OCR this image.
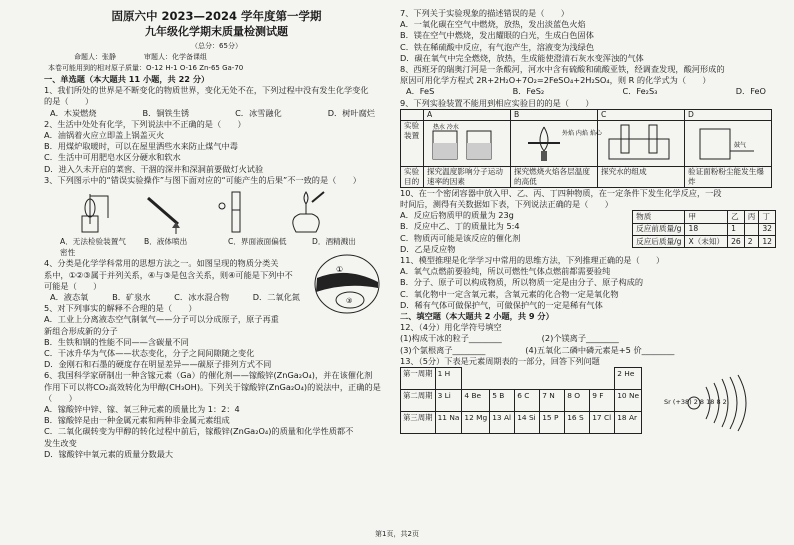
固原六中 2023—2024 学年度第一学期
九年级化学期末质量检测试题
（总分：65分）
命题人：张静　　　　审题人：化学备课组
本卷可能用到的相对原子质量：O-12 H-1 O-16 Zn-65 Ga-70
一、单选题（本大题共 11 小题，共 22 分）
1、我们所处的世界是不断变化的物质世界，变化无处不在，下列过程中没有发生化学变化
的是（　　）
A．木炭燃烧	B．铜铁生锈	C．冰雪融化	D．树叶腐烂
2、生活中处处有化学，下列说法中不正确的是（　　）
A．油锅着火应立即盖上锅盖灭火
B．用煤炉取暖时，可以在屋里洒些水来防止煤气中毒
C．生活中可用肥皂水区分硬水和软水
D．进入久未开启的菜窖、干涸的深井和深洞前要做灯火试验
3、下列图示中的“错误实验操作”与图下面对应的“可能产生的后果”不一致的是（　　）
A．无法检验装置气密性
B．液体喷出	C．界面液面偏低	D．酒精溅出
4、分类是化学学科常用的思想方法之一。如图呈现的物质分类关
系中，①②③属于并列关系，④与③是包含关系，则④可能是下列中不
可能是（　　）
A．液态氧	B．矿泉水	C．冰水混合物	D．二氧化氮
①
③
5、对下列事实的解释不合理的是（　　）
A．工业上分离液态空气制氧气——分子可以分成原子，原子再重
新组合形成新的分子
B．生铁和钢的性能不同——含碳量不同
C．干冰升华为气体——状态变化，分子之间间隙随之变化
D．金刚石和石墨的硬度存在明显差异——碳原子排列方式不同
6、我国科学家研制出一种含镓元素（Ga）的催化剂——镓酸锌(ZnGa₂O₄)，并在该催化剂
作用下可以将CO₂高效转化为甲醇(CH₃OH)。下列关于镓酸锌(ZnGa₂O₄)的说法中，正确的是
（　　）
A．镓酸锌中锌、镓、氧三种元素的质量比为 1：2：4
B．镓酸锌是由一种金属元素和两种非金属元素组成
C．二氧化碳转变为甲醇的转化过程中前后，镓酸锌(ZnGa₂O₄)的质量和化学性质都不
发生改变
D．镓酸锌中氧元素的质量分数最大
7、下列关于实验现象的描述错误的是（　　）
A．一氧化碳在空气中燃烧，放热，发出淡蓝色火焰
B．镁在空气中燃烧，发出耀眼的白光，生成白色固体
C．铁在稀硫酸中反应，有气泡产生，溶液变为浅绿色
D．碳在氧气中完全燃烧，放热，生成能使澄清石灰水变浑浊的气体
8、西班牙的瑞奥汀河是一条酸河，河水中含有硫酸和硫酸亚铁，经调查发现，酸河形成的
原因可用化学方程式 2R+2H₂O+7O₂=2FeSO₄+2H₂SO₄，则 R 的化学式为（　　）
A．FeS	B．FeS₂	C．Fe₂S₃	D．FeO
9、下列实验装置不能用到相应实验目的的是（　　）
	A	B	C	D
实验
装置	热水 冷水	外焰 内焰 焰心		鼓气

实验
目的	探究温度影响分子运动速率的因素	探究燃烧火焰各层温度的高低	探究水的组成	验证面粉粉尘能发生爆炸
10、在一个密闭容器中放入甲、乙、丙、丁四种物质，在一定条件下发生化学反应，一段
时间后，测得有关数据如下表，下列说法正确的是（　　）
A．反应后物质甲的质量为 23g
B．反应中乙、丁的质量比为 5:4
C．物质丙可能是该反应的催化剂
D．乙是反应物
物质	甲	乙	丙	丁
反应前质量/g	18	1		32
反应后质量/g	X（未知）	26	2	12
11、模型推理是化学学习中常用的思维方法，下列推理正确的是（　　）
A．氧气点燃前要验纯，所以可燃性气体点燃前都需要验纯
B．分子、原子可以构成物质，所以物质一定是由分子、原子构成的
C．氧化物中一定含氧元素，含氧元素的化合物一定是氧化物
D．稀有气体可做保护气，可做保护气的一定是稀有气体
二、填空题（本大题共 2 小题，共 9 分）
12、（4分）用化学符号填空
(1)构成干冰的粒子________	(2)个镁离子________
(3)个氯根离子________	(4)五氧化二磷中磷元素是+5 价________
13、（5分）下表是元素周期表的一部分，回答下列问题
第一周期	1 H							2 He
第二周期	3 Li	4 Be	5 B	6 C	7 N	8 O	9 F	10 Ne
第三周期	11 Na	12 Mg	13 Al	14 Si	15 P	16 S	17 Cl	18 Ar
Sr (+38) 2 8 18 8 2
第1页，共2页
